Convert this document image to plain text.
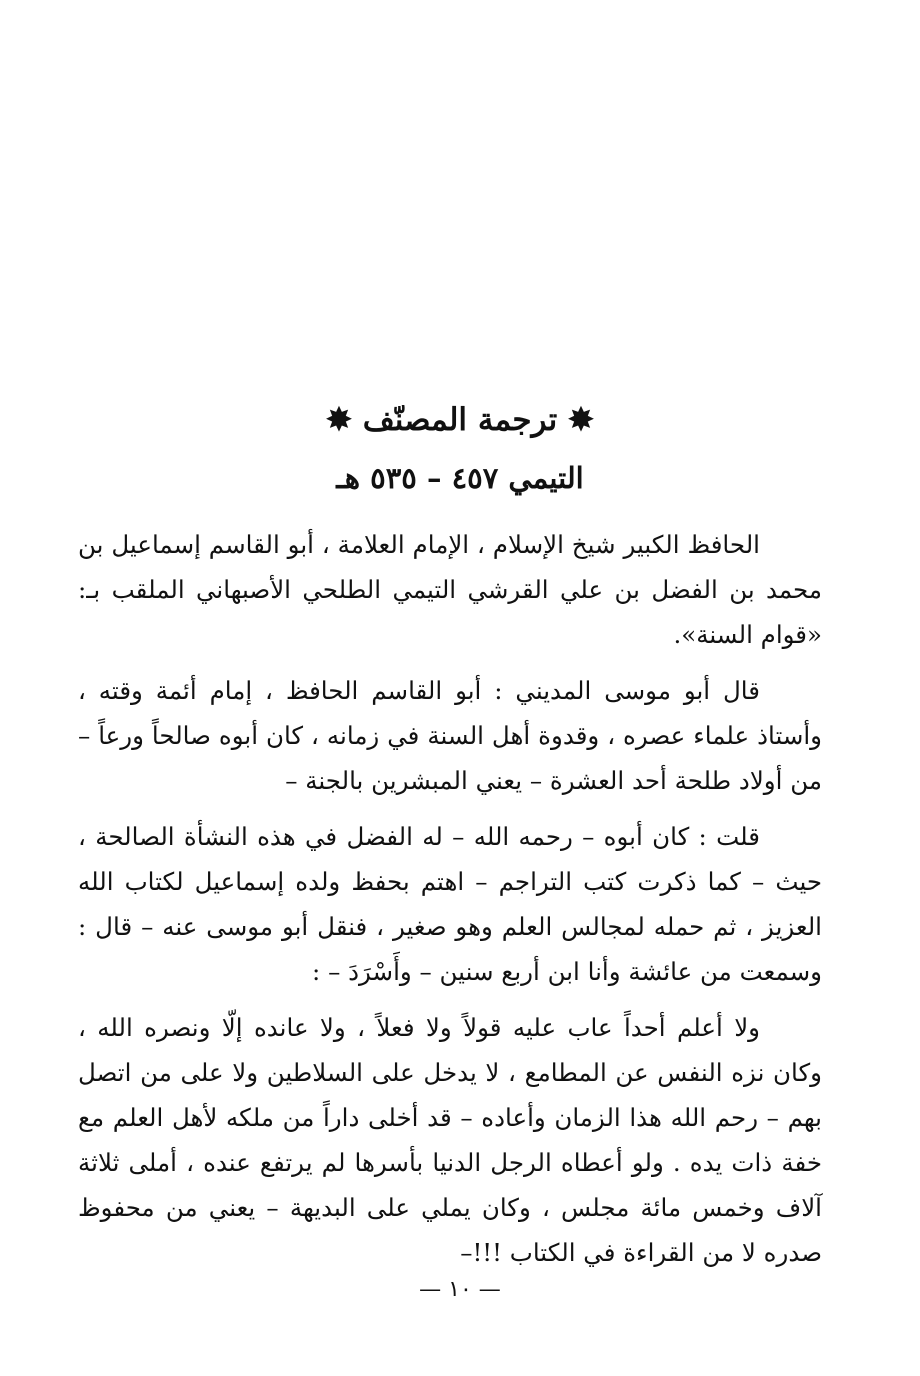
✸ ترجمة المصنّف ✸
التيمي ٤٥٧ – ٥٣٥ هـ

الحافظ الكبير شيخ الإسلام ، الإمام العلامة ، أبو القاسم إسماعيل بن محمد بن الفضل بن علي القرشي التيمي الطلحي الأصبهاني الملقب بـ: «قوام السنة».

قال أبو موسى المديني : أبو القاسم الحافظ ، إمام أئمة وقته ، وأستاذ علماء عصره ، وقدوة أهل السنة في زمانه ، كان أبوه صالحاً ورعاً – من أولاد طلحة أحد العشرة – يعني المبشرين بالجنة –

قلت : كان أبوه – رحمه الله – له الفضل في هذه النشأة الصالحة ، حيث – كما ذكرت كتب التراجم – اهتم بحفظ ولده إسماعيل لكتاب الله العزيز ، ثم حمله لمجالس العلم وهو صغير ، فنقل أبو موسى عنه – قال : وسمعت من عائشة وأنا ابن أربع سنين – وأَسْرَدَ – :

ولا أعلم أحداً عاب عليه قولاً ولا فعلاً ، ولا عانده إلّا ونصره الله ، وكان نزه النفس عن المطامع ، لا يدخل على السلاطين ولا على من اتصل بهم – رحم الله هذا الزمان وأعاده – قد أخلى داراً من ملكه لأهل العلم مع خفة ذات يده . ولو أعطاه الرجل الدنيا بأسرها لم يرتفع عنده ، أملى ثلاثة آلاف وخمس مائة مجلس ، وكان يملي على البديهة – يعني من محفوظ صدره لا من القراءة في الكتاب !!!–

— ١٠ —
